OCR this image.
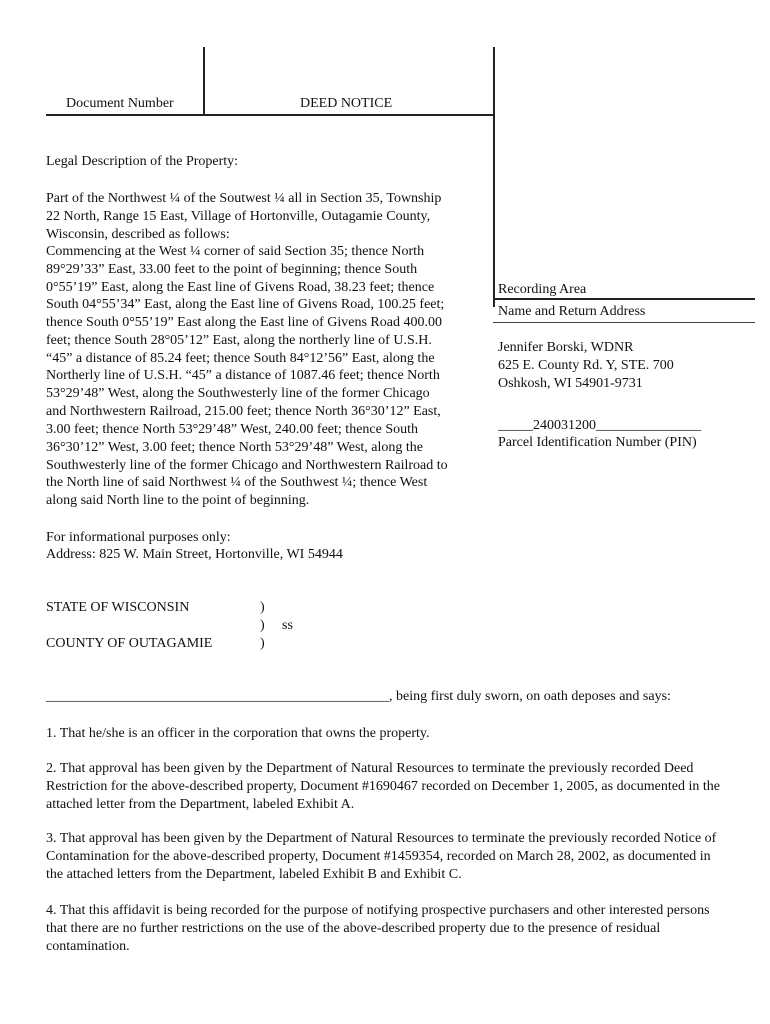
Document Number	DEED NOTICE
Legal Description of the Property:
Part of the Northwest ¼ of the Soutwest ¼ all in Section 35, Township
22 North, Range 15 East, Village of Hortonville, Outagamie County,
Wisconsin, described as follows:
Commencing at the West ¼ corner of said Section 35; thence North
89°29’33” East, 33.00 feet to the point of beginning; thence South
0°55’19” East, along the East line of Givens Road, 38.23 feet; thence
South 04°55’34” East, along the East line of Givens Road, 100.25 feet;
thence South 0°55’19” East along the East line of Givens Road 400.00
feet; thence South 28°05’12” East, along the northerly line of U.S.H.
“45” a distance of 85.24 feet; thence South 84°12’56” East, along the
Northerly line of U.S.H. “45” a distance of 1087.46 feet; thence North
53°29’48” West, along the Southwesterly line of the former Chicago
and Northwestern Railroad, 215.00 feet; thence North 36°30’12” East,
3.00 feet; thence North 53°29’48” West, 240.00 feet; thence South
36°30’12” West, 3.00 feet; thence North 53°29’48” West, along the
Southwesterly line of the former Chicago and Northwestern Railroad to
the North line of said Northwest ¼ of the Southwest ¼; thence West
along said North line to the point of beginning.
Recording Area
Name and Return Address
Jennifer Borski, WDNR
625 E. County Rd. Y, STE. 700
Oshkosh, WI 54901-9731
_____240031200_______________
Parcel Identification Number (PIN)
For informational purposes only:
Address: 825 W. Main Street, Hortonville, WI 54944
STATE OF WISCONSIN
COUNTY OF OUTAGAMIE
)
)
)
ss
_________________________________________________, being first duly sworn, on oath deposes and says:
1. That he/she is an officer in the corporation that owns the property.
2. That approval has been given by the Department of Natural Resources to terminate the previously recorded Deed Restriction for the above-described property, Document #1690467 recorded on December 1, 2005, as documented in the attached letter from the Department, labeled Exhibit A.
3. That approval has been given by the Department of Natural Resources to terminate the previously recorded Notice of Contamination for the above-described property, Document #1459354, recorded on March 28, 2002, as documented in the attached letters from the Department, labeled Exhibit B and Exhibit C.
4. That this affidavit is being recorded for the purpose of notifying prospective purchasers and other interested persons that there are no further restrictions on the use of the above-described property due to the presence of residual contamination.
